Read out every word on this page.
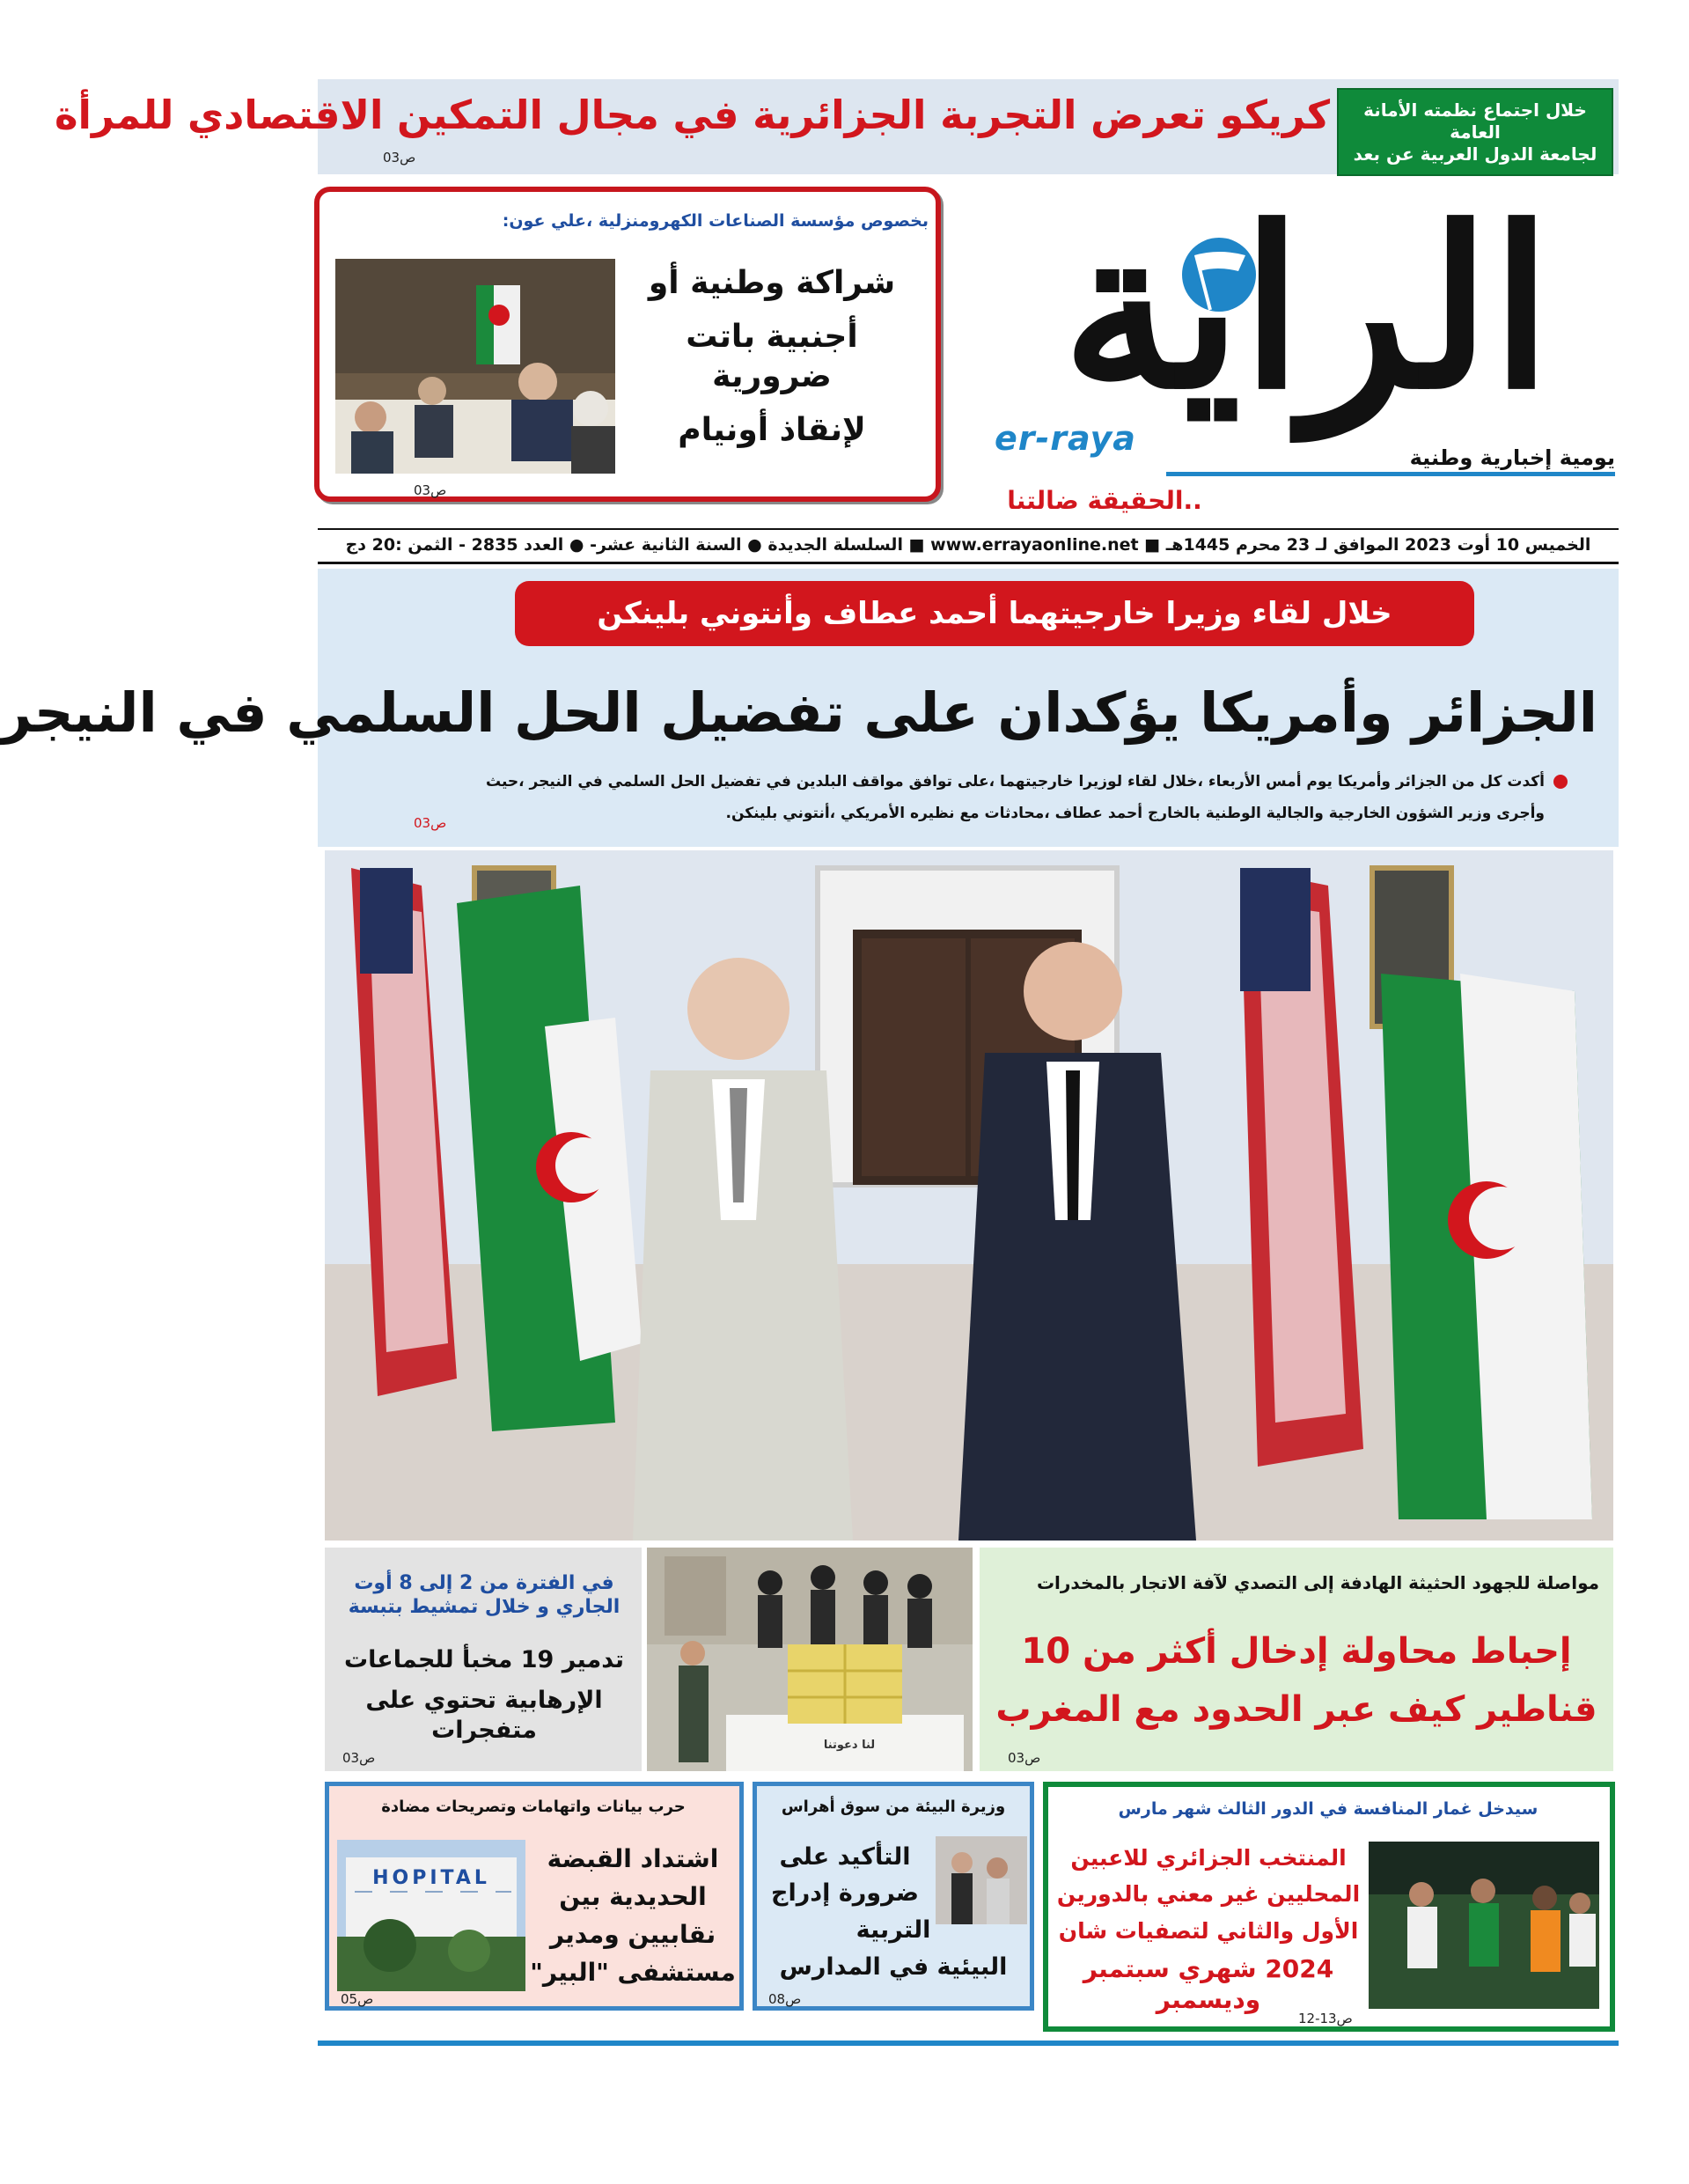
خلال اجتماع نظمته الأمانة العامة
لجامعة الدول العربية عن بعد
كريكو تعرض التجربة الجزائرية في مجال التمكين الاقتصادي للمرأة
ص03
الراية
er-raya	يومية إخبارية وطنية
..الحقيقة ضالتنا
بخصوص مؤسسة الصناعات الكهرومنزلية ،علي عون:
شراكة وطنية أو
أجنبية باتت ضرورية
لإنقاذ أونيام
ص03
الخميس 10 أوت 2023 الموافق لـ 23 محرم 1445هـ ■ www.errayaonline.net ■ السلسلة الجديدة ● السنة الثانية عشر- ● العدد 2835 - الثمن :20 دج
خلال لقاء وزيرا خارجيتهما أحمد عطاف وأنتوني بلينكن
الجزائر وأمريكا يؤكدان على تفضيل الحل السلمي في النيجر
أكدت كل من الجزائر وأمريكا يوم أمس الأربعاء ،خلال لقاء لوزيرا خارجيتهما ،على توافق مواقف البلدين في تفضيل الحل السلمي في النيجر ،حيث
وأجرى وزير الشؤون الخارجية والجالية الوطنية بالخارج أحمد عطاف ،محادثات مع نظيره الأمريكي ،أنتوني بلينكن.
ص03
في الفترة من 2 إلى 8 أوت
الجاري و خلال تمشيط بتبسة
تدمير 19 مخبأ للجماعات
الإرهابية تحتوي على متفجرات
ص03
لنا دعوتنا
مواصلة للجهود الحثيثة الهادفة إلى التصدي لآفة الاتجار بالمخدرات
إحباط محاولة إدخال أكثر من 10
قناطير كيف عبر الحدود مع المغرب
ص03
حرب بيانات واتهامات وتصريحات مضادة
HOPITAL
اشتداد القبضة
الحديدية بين
نقابيين ومدير
مستشفى "البير"
ص05
وزيرة البيئة من سوق أهراس
التأكيد على
ضرورة إدراج
التربية
البيئية في المدارس
ص08
سيدخل غمار المنافسة في الدور الثالث شهر مارس
المنتخب الجزائري للاعبين
المحليين غير معني بالدورين
الأول والثاني لتصفيات شان
2024 شهري سبتمبر وديسمبر
ص13-12
